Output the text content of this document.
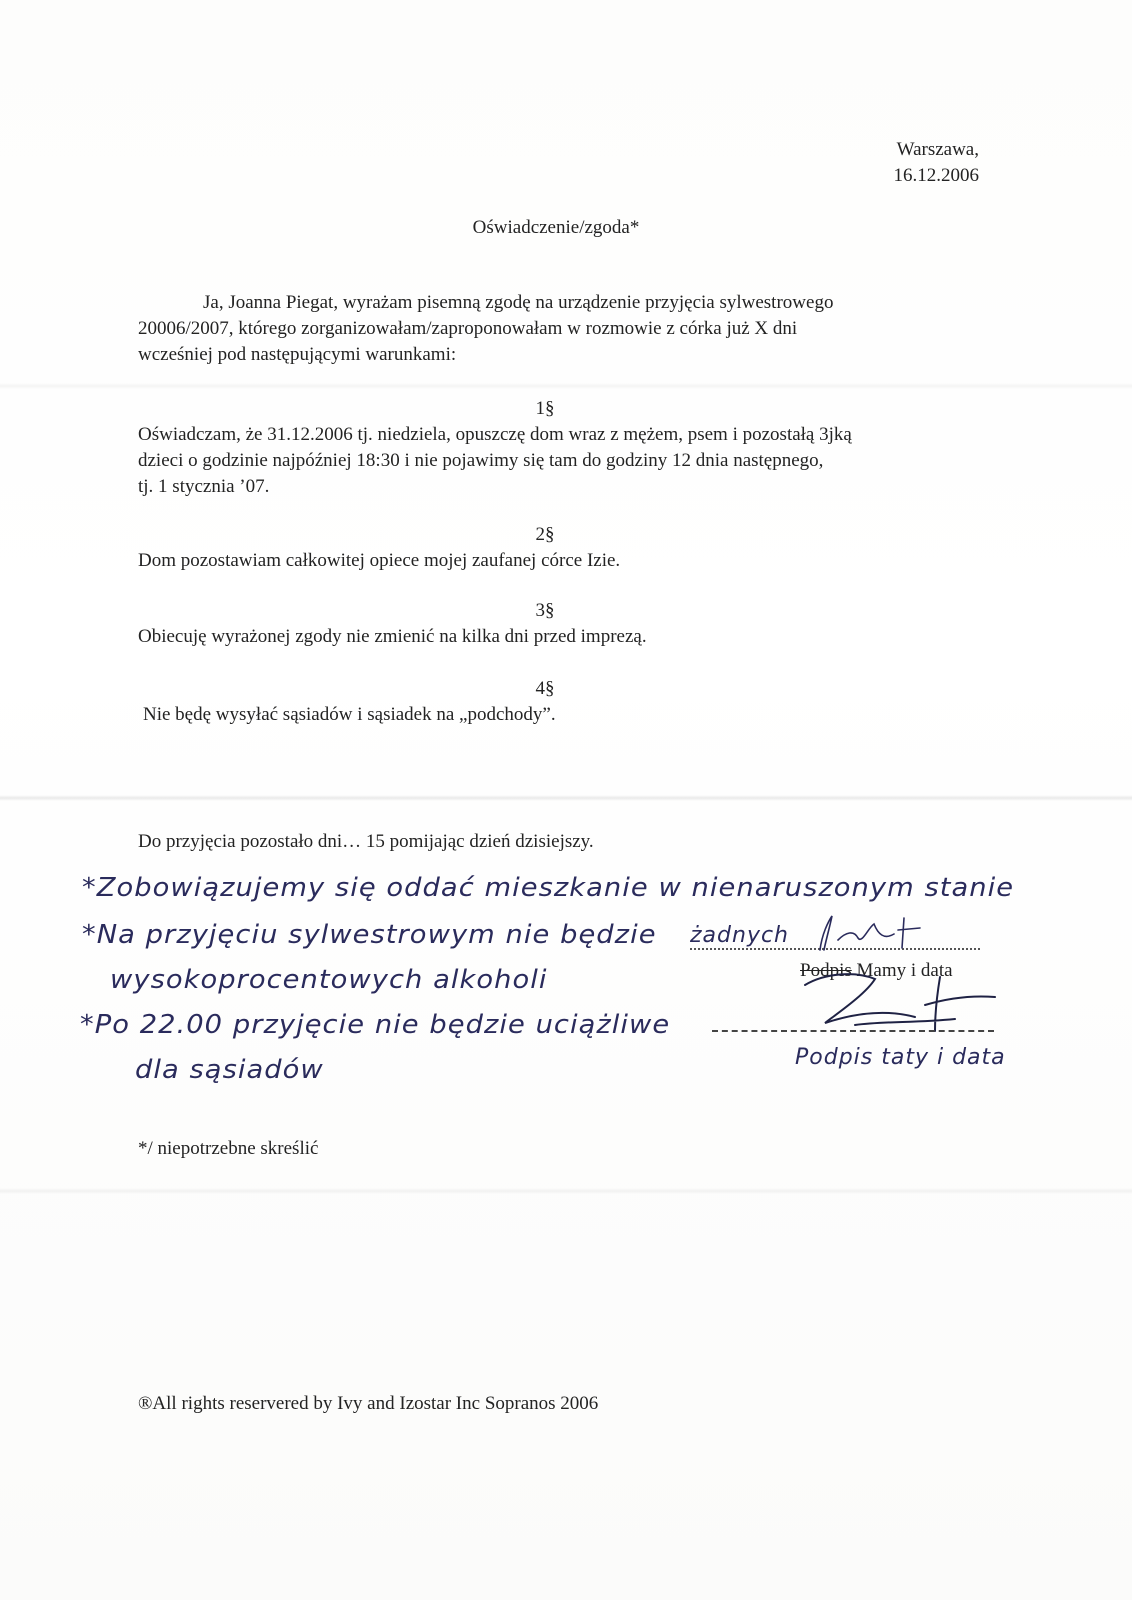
Warszawa,
16.12.2006
Oświadczenie/zgoda*
Ja, Joanna Piegat, wyrażam pisemną zgodę na urządzenie przyjęcia sylwestrowego
20006/2007, którego zorganizowałam/zaproponowałam w rozmowie z córka już X dni
wcześniej pod następującymi warunkami:
1§
Oświadczam, że 31.12.2006 tj. niedziela, opuszczę dom wraz z mężem, psem i pozostałą 3jką
dzieci o godzinie najpóźniej 18:30 i nie pojawimy się tam do godziny 12 dnia następnego,
tj. 1 stycznia ’07.
2§
Dom pozostawiam całkowitej opiece mojej zaufanej córce Izie.
3§
Obiecuję wyrażonej zgody nie zmienić na kilka dni przed imprezą.
4§
Nie będę wysyłać sąsiadów i sąsiadek na „podchody”.
Do przyjęcia pozostało dni… 15 pomijając dzień dzisiejszy.
*Zobowiązujemy się oddać mieszkanie w nienaruszonym stanie
*Na przyjęciu sylwestrowym nie będzie
wysokoprocentowych alkoholi
*Po 22.00 przyjęcie nie będzie uciążliwe
dla sąsiadów
żadnych
Podpis Mamy i data
Podpis taty i data
*/ niepotrzebne skreślić
®All rights reservered by Ivy and Izostar Inc Sopranos 2006
